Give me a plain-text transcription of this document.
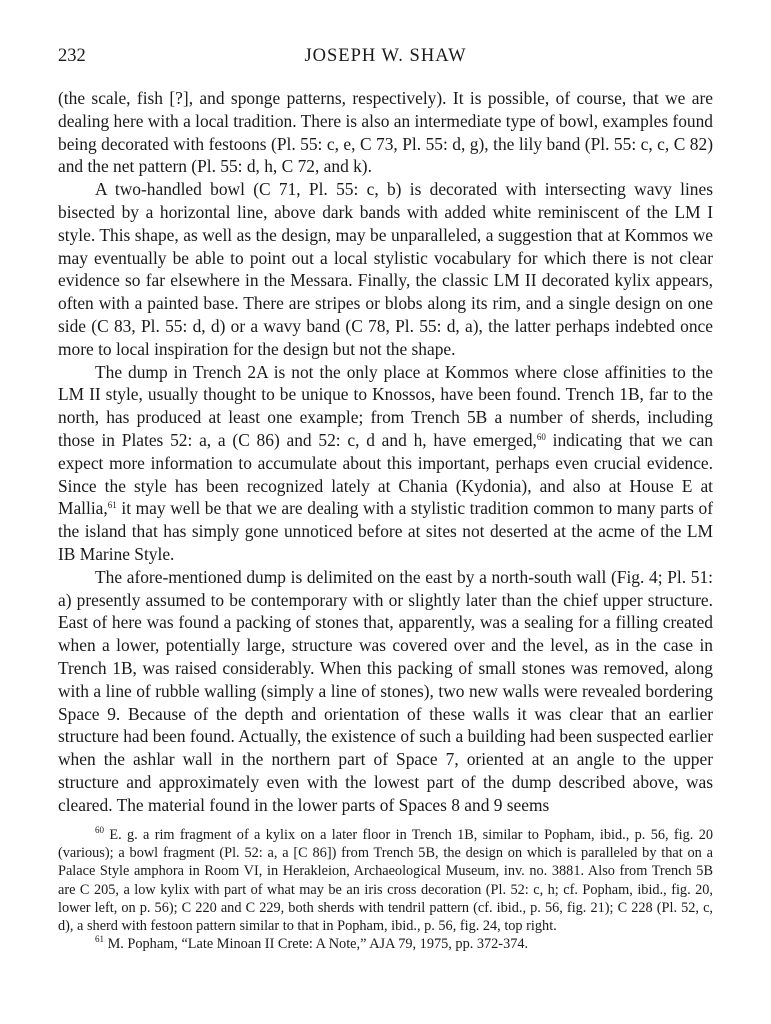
232	JOSEPH W. SHAW

(the scale, fish [?], and sponge patterns, respectively). It is possible, of course, that we are dealing here with a local tradition. There is also an intermediate type of bowl, examples found being decorated with festoons (Pl. 55: c, e, C 73, Pl. 55: d, g), the lily band (Pl. 55: c, c, C 82) and the net pattern (Pl. 55: d, h, C 72, and k).

A two-handled bowl (C 71, Pl. 55: c, b) is decorated with intersecting wavy lines bisected by a horizontal line, above dark bands with added white reminiscent of the LM I style. This shape, as well as the design, may be unparalleled, a suggestion that at Kommos we may eventually be able to point out a local stylistic vocabulary for which there is not clear evidence so far elsewhere in the Messara. Finally, the classic LM II decorated kylix appears, often with a painted base. There are stripes or blobs along its rim, and a single design on one side (C 83, Pl. 55: d, d) or a wavy band (C 78, Pl. 55: d, a), the latter perhaps indebted once more to local inspiration for the design but not the shape.

The dump in Trench 2A is not the only place at Kommos where close affinities to the LM II style, usually thought to be unique to Knossos, have been found. Trench 1B, far to the north, has produced at least one example; from Trench 5B a number of sherds, including those in Plates 52: a, a (C 86) and 52: c, d and h, have emerged,$^{60}$ indicating that we can expect more information to accumulate about this important, perhaps even crucial evidence. Since the style has been recognized lately at Chania (Kydonia), and also at House E at Mallia,$^{61}$ it may well be that we are dealing with a stylistic tradition common to many parts of the island that has simply gone unnoticed before at sites not deserted at the acme of the LM IB Marine Style.

The afore-mentioned dump is delimited on the east by a north-south wall (Fig. 4; Pl. 51: a) presently assumed to be contemporary with or slightly later than the chief upper structure. East of here was found a packing of stones that, apparently, was a sealing for a filling created when a lower, potentially large, structure was covered over and the level, as in the case in Trench 1B, was raised considerably. When this packing of small stones was removed, along with a line of rubble walling (simply a line of stones), two new walls were revealed bordering Space 9. Because of the depth and orientation of these walls it was clear that an earlier structure had been found. Actually, the existence of such a building had been suspected earlier when the ashlar wall in the northern part of Space 7, oriented at an angle to the upper structure and approximately even with the lowest part of the dump described above, was cleared. The material found in the lower parts of Spaces 8 and 9 seems

$^{60}$ E. g. a rim fragment of a kylix on a later floor in Trench 1B, similar to Popham, ibid., p. 56, fig. 20 (various); a bowl fragment (Pl. 52: a, a [C 86]) from Trench 5B, the design on which is paralleled by that on a Palace Style amphora in Room VI, in Herakleion, Archaeological Museum, inv. no. 3881. Also from Trench 5B are C 205, a low kylix with part of what may be an iris cross decoration (Pl. 52: c, h; cf. Popham, ibid., fig. 20, lower left, on p. 56); C 220 and C 229, both sherds with tendril pattern (cf. ibid., p. 56, fig. 21); C 228 (Pl. 52, c, d), a sherd with festoon pattern similar to that in Popham, ibid., p. 56, fig. 24, top right.

$^{61}$ M. Popham, “Late Minoan II Crete: A Note,” AJA 79, 1975, pp. 372-374.
